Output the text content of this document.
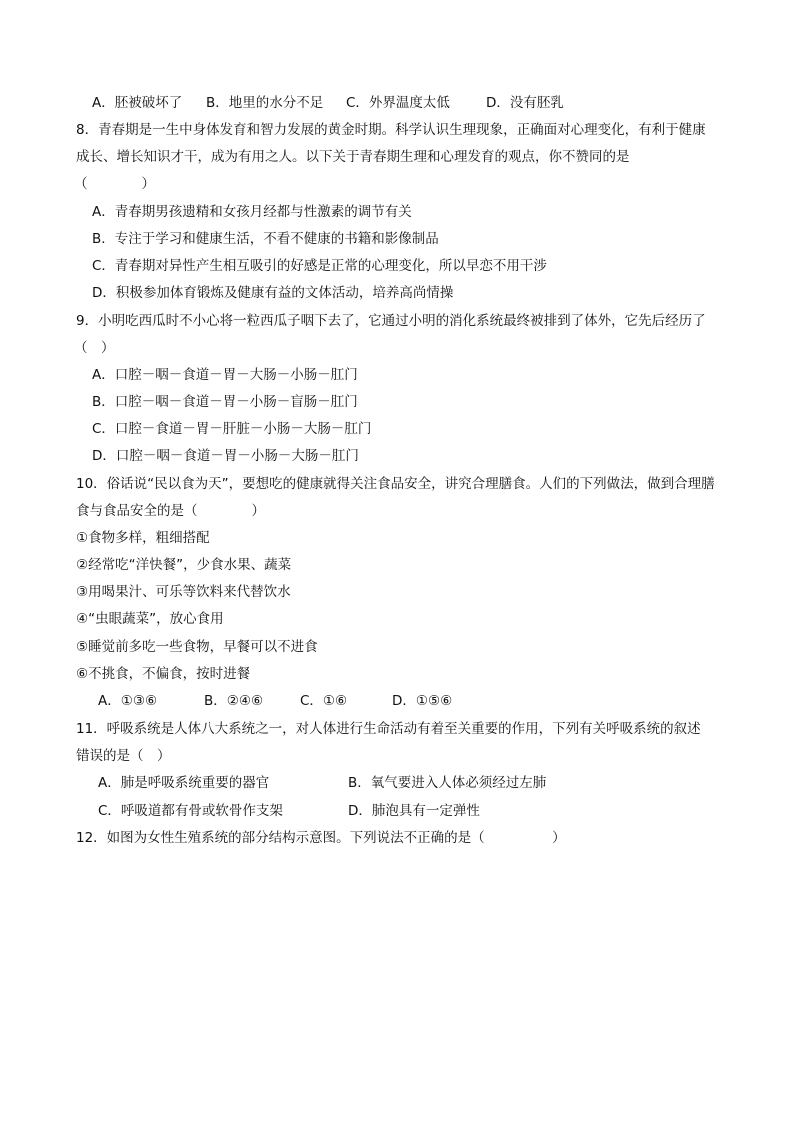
A．胚被破坏了 B．地里的水分不足 C．外界温度太低	D．没有胚乳
8．青春期是一生中身体发育和智力发展的黄金时期。科学认识生理现象，正确面对心理变化，有利于健康
成长、增长知识才干，成为有用之人。以下关于青春期生理和心理发育的观点，你不赞同的是
（　　　　）
A．青春期男孩遗精和女孩月经都与性激素的调节有关
B．专注于学习和健康生活，不看不健康的书籍和影像制品
C．青春期对异性产生相互吸引的好感是正常的心理变化，所以早恋不用干涉
D．积极参加体育锻炼及健康有益的文体活动，培养高尚情操
9．小明吃西瓜时不小心将一粒西瓜子咽下去了，它通过小明的消化系统最终被排到了体外，它先后经历了
（　）
A．口腔－咽－食道－胃－大肠－小肠－肛门
B．口腔－咽－食道－胃－小肠－盲肠－肛门
C．口腔－食道－胃－肝脏－小肠－大肠－肛门
D．口腔－咽－食道－胃－小肠－大肠－肛门
10．俗话说“民以食为天”，要想吃的健康就得关注食品安全，讲究合理膳食。人们的下列做法，做到合理膳
食与食品安全的是（　　　　）
①食物多样，粗细搭配
②经常吃“洋快餐”，少食水果、蔬菜
③用喝果汁、可乐等饮料来代替饮水
④“虫眼蔬菜”，放心食用
⑤睡觉前多吃一些食物，早餐可以不进食
⑥不挑食，不偏食，按时进餐
A．①③⑥	B．②④⑥	C．①⑥	D．①⑤⑥
11．呼吸系统是人体八大系统之一，对人体进行生命活动有着至关重要的作用，下列有关呼吸系统的叙述
错误的是（　）
A．肺是呼吸系统重要的器官	B．氧气要进入人体必须经过左肺
C．呼吸道都有骨或软骨作支架	D．肺泡具有一定弹性
12．如图为女性生殖系统的部分结构示意图。下列说法不正确的是（　　　　　）
